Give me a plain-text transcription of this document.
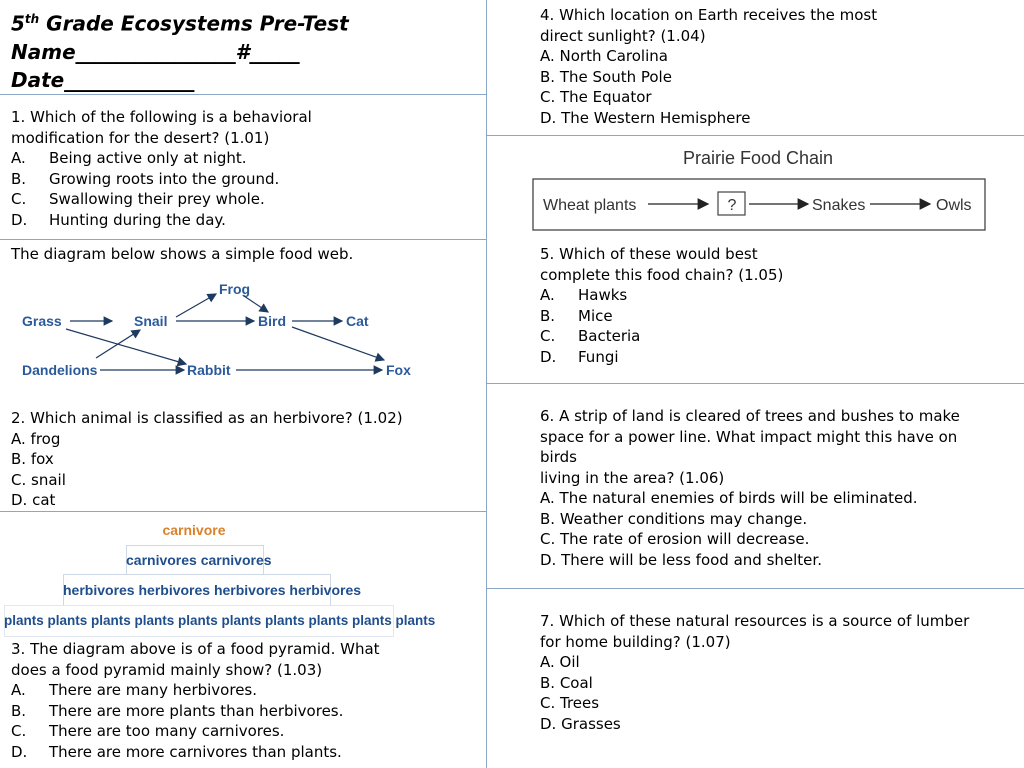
5th Grade Ecosystems Pre-Test
Name________________#_____
Date_____________
1. Which of the following is a behavioral
modification for the desert? (1.01)
A. Being active only at night.
B. Growing roots into the ground.
C. Swallowing their prey whole.
D. Hunting during the day.
The diagram below shows a simple food web.
Grass	Snail
Frog
Bird	Cat
Dandelions	Rabbit	Fox
2. Which animal is classified as an herbivore? (1.02)
A. frog
B. fox
C. snail
D. cat
carnivore
carnivores carnivores
herbivores herbivores herbivores herbivores
plants plants plants plants plants plants plants plants plants plants
3. The diagram above is of a food pyramid. What
does a food pyramid mainly show? (1.03)
A. There are many herbivores.
B. There are more plants than herbivores.
C. There are too many carnivores.
D. There are more carnivores than plants.
4. Which location on Earth receives the most
direct sunlight? (1.04)
A. North Carolina
B. The South Pole
C. The Equator
D. The Western Hemisphere
Prairie Food Chain
Wheat plants	?	Snakes	Owls
5. Which of these would best
complete this food chain? (1.05)
A. Hawks
B. Mice
C. Bacteria
D. Fungi
6. A strip of land is cleared of trees and bushes to make
space for a power line. What impact might this have on
birds
living in the area? (1.06)
A. The natural enemies of birds will be eliminated.
B. Weather conditions may change.
C. The rate of erosion will decrease.
D. There will be less food and shelter.
7. Which of these natural resources is a source of lumber
for home building? (1.07)
A. Oil
B. Coal
C. Trees
D. Grasses
